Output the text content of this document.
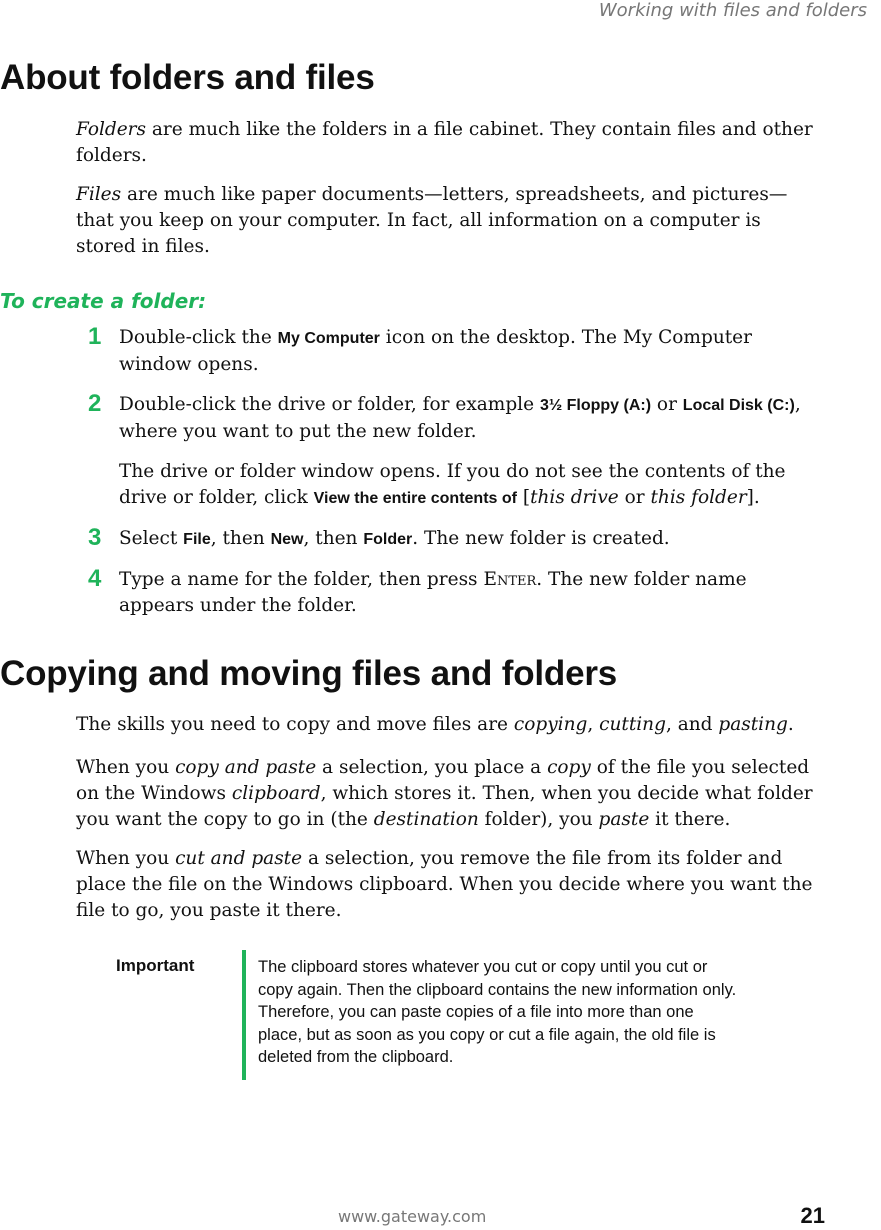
Working with files and folders
About folders and files

Folders are much like the folders in a file cabinet. They contain files and other folders.

Files are much like paper documents—letters, spreadsheets, and pictures—that you keep on your computer. In fact, all information on a computer is stored in files.

To create a folder:
1 Double-click the My Computer icon on the desktop. The My Computer window opens.

2 Double-click the drive or folder, for example 3½ Floppy (A:) or Local Disk (C:), where you want to put the new folder.

The drive or folder window opens. If you do not see the contents of the drive or folder, click View the entire contents of [this drive or this folder].

3 Select File, then New, then Folder. The new folder is created.

4 Type a name for the folder, then press Enter. The new folder name appears under the folder.

Copying and moving files and folders

The skills you need to copy and move files are copying, cutting, and pasting.

When you copy and paste a selection, you place a copy of the file you selected on the Windows clipboard, which stores it. Then, when you decide what folder you want the copy to go in (the destination folder), you paste it there.

When you cut and paste a selection, you remove the file from its folder and place the file on the Windows clipboard. When you decide where you want the file to go, you paste it there.

Important	The clipboard stores whatever you cut or copy until you cut or copy again. Then the clipboard contains the new information only. Therefore, you can paste copies of a file into more than one place, but as soon as you copy or cut a file again, the old file is deleted from the clipboard.

www.gateway.com	21
